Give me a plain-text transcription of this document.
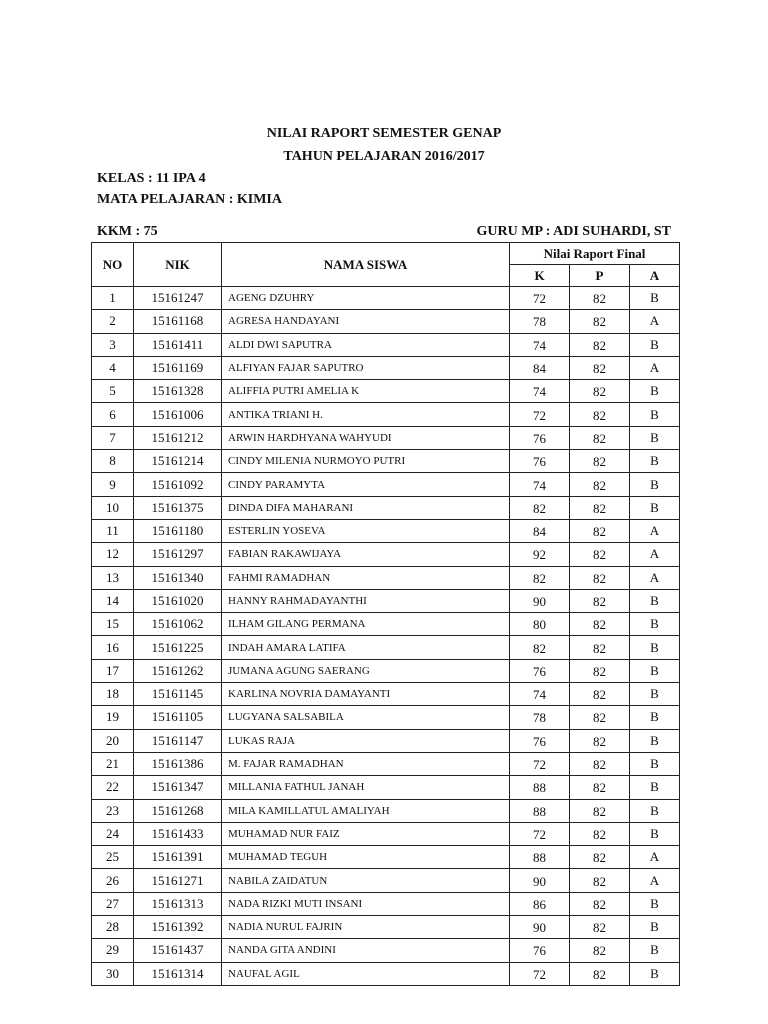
NILAI RAPORT SEMESTER GENAP
TAHUN PELAJARAN 2016/2017
KELAS : 11 IPA 4
MATA PELAJARAN : KIMIA
KKM : 75	GURU MP : ADI SUHARDI, ST
NO	NIK	NAMA SISWA	Nilai Raport Final		
			K	P	A
1	15161247	AGENG DZUHRY	72	82	B
2	15161168	AGRESA HANDAYANI	78	82	A
3	15161411	ALDI DWI SAPUTRA	74	82	B
4	15161169	ALFIYAN FAJAR SAPUTRO	84	82	A
5	15161328	ALIFFIA PUTRI AMELIA K	74	82	B
6	15161006	ANTIKA TRIANI H.	72	82	B
7	15161212	ARWIN HARDHYANA WAHYUDI	76	82	B
8	15161214	CINDY MILENIA NURMOYO PUTRI	76	82	B
9	15161092	CINDY PARAMYTA	74	82	B
10	15161375	DINDA DIFA MAHARANI	82	82	B
11	15161180	ESTERLIN YOSEVA	84	82	A
12	15161297	FABIAN RAKAWIJAYA	92	82	A
13	15161340	FAHMI RAMADHAN	82	82	A
14	15161020	HANNY RAHMADAYANTHI	90	82	B
15	15161062	ILHAM GILANG PERMANA	80	82	B
16	15161225	INDAH AMARA LATIFA	82	82	B
17	15161262	JUMANA AGUNG SAERANG	76	82	B
18	15161145	KARLINA NOVRIA DAMAYANTI	74	82	B
19	15161105	LUGYANA SALSABILA	78	82	B
20	15161147	LUKAS RAJA	76	82	B
21	15161386	M. FAJAR RAMADHAN	72	82	B
22	15161347	MILLANIA FATHUL JANAH	88	82	B
23	15161268	MILA KAMILLATUL AMALIYAH	88	82	B
24	15161433	MUHAMAD NUR FAIZ	72	82	B
25	15161391	MUHAMAD TEGUH	88	82	A
26	15161271	NABILA ZAIDATUN	90	82	A
27	15161313	NADA RIZKI MUTI INSANI	86	82	B
28	15161392	NADIA NURUL FAJRIN	90	82	B
29	15161437	NANDA GITA ANDINI	76	82	B
30	15161314	NAUFAL AGIL	72	82	B
